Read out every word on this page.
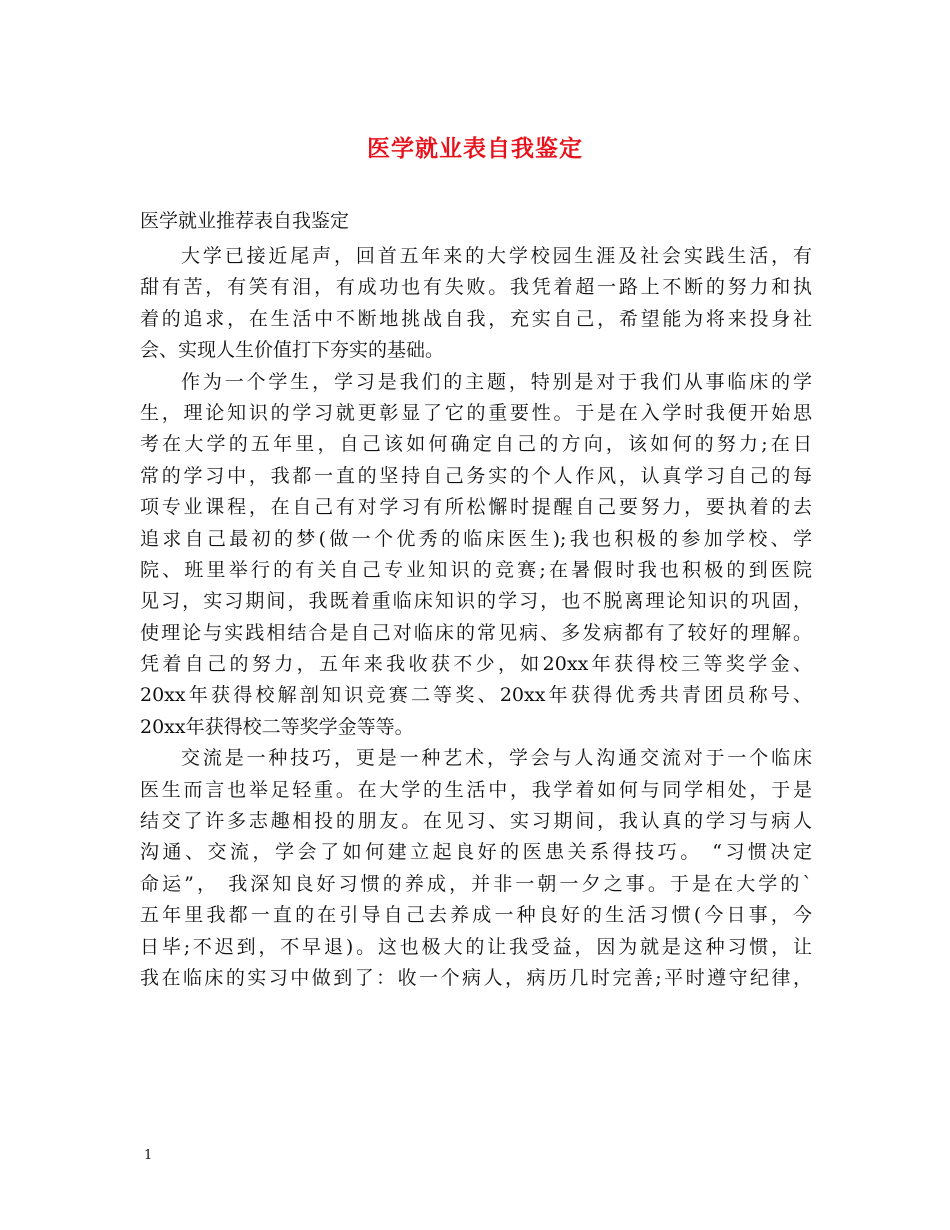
医学就业表自我鉴定

医学就业推荐表自我鉴定

大学已接近尾声，回首五年来的大学校园生涯及社会实践生活，有
甜有苦，有笑有泪，有成功也有失败。我凭着超一路上不断的努力和执
着的追求，在生活中不断地挑战自我，充实自己，希望能为将来投身社
会、实现人生价值打下夯实的基础。
作为一个学生，学习是我们的主题，特别是对于我们从事临床的学
生，理论知识的学习就更彰显了它的重要性。于是在入学时我便开始思
考在大学的五年里，自己该如何确定自己的方向，该如何的努力;在日
常的学习中，我都一直的坚持自己务实的个人作风，认真学习自己的每
项专业课程，在自己有对学习有所松懈时提醒自己要努力，要执着的去
追求自己最初的梦(做一个优秀的临床医生);我也积极的参加学校、学
院、班里举行的有关自己专业知识的竞赛;在暑假时我也积极的到医院
见习，实习期间，我既着重临床知识的学习，也不脱离理论知识的巩固，
使理论与实践相结合是自己对临床的常见病、多发病都有了较好的理解。
凭着自己的努力，五年来我收获不少，如20xx年获得校三等奖学金、
20xx年获得校解剖知识竞赛二等奖、20xx年获得优秀共青团员称号、
20xx年获得校二等奖学金等等。
交流是一种技巧，更是一种艺术，学会与人沟通交流对于一个临床
医生而言也举足轻重。在大学的生活中，我学着如何与同学相处，于是
结交了许多志趣相投的朋友。在见习、实习期间，我认真的学习与病人
沟通、交流，学会了如何建立起良好的医患关系得技巧。 “习惯决定
命运”， 我深知良好习惯的养成，并非一朝一夕之事。于是在大学的`
五年里我都一直的在引导自己去养成一种良好的生活习惯(今日事，今
日毕;不迟到，不早退)。这也极大的让我受益，因为就是这种习惯，让
我在临床的实习中做到了：收一个病人，病历几时完善;平时遵守纪律，
1
